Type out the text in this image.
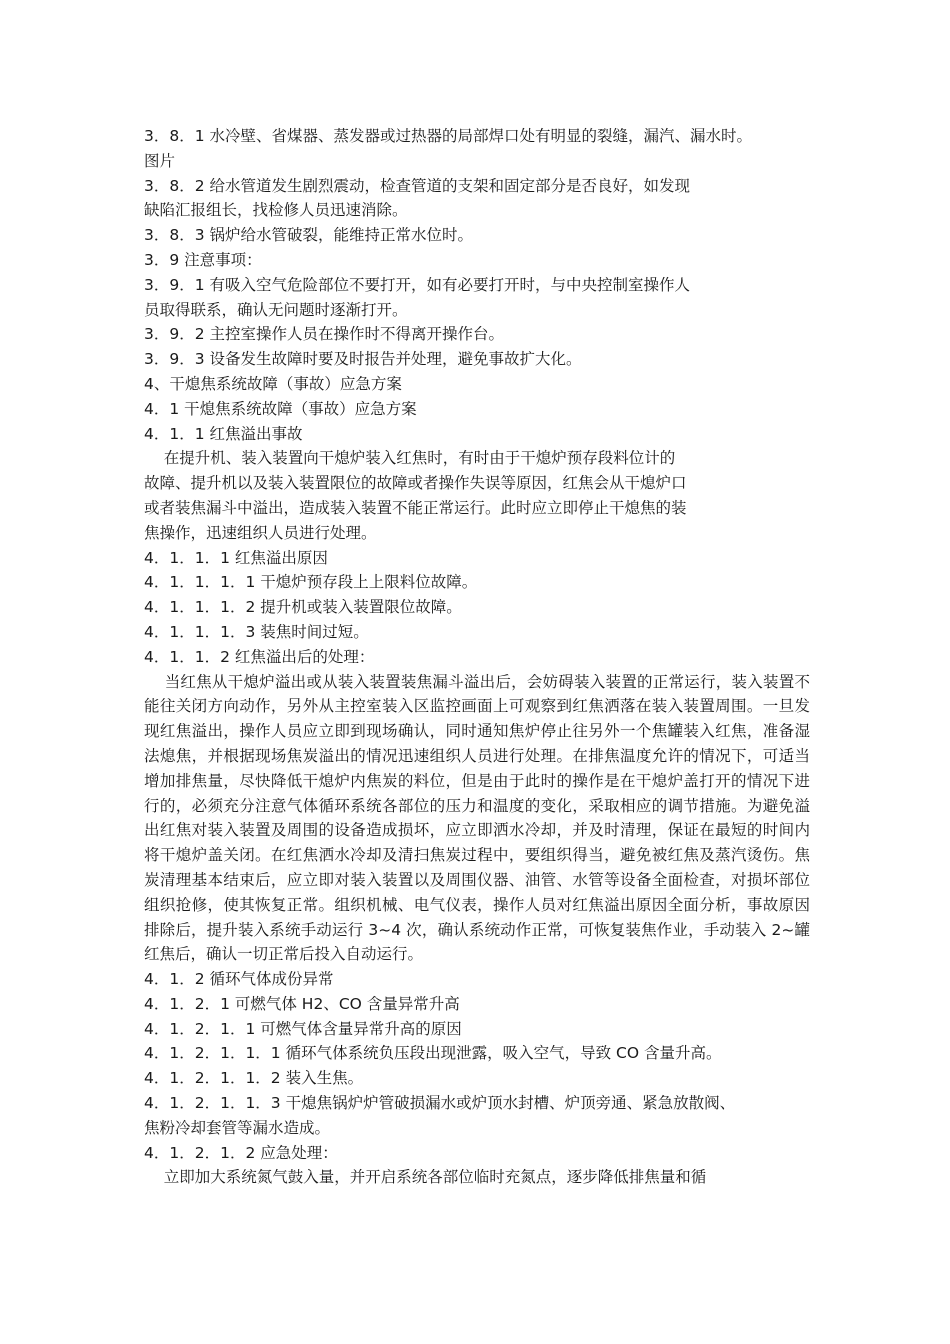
3．8．1 水冷壁、省煤器、蒸发器或过热器的局部焊口处有明显的裂缝，漏汽、漏水时。

图片

3．8．2 给水管道发生剧烈震动，检查管道的支架和固定部分是否良好，如发现

缺陷汇报组长，找检修人员迅速消除。

3．8．3 锅炉给水管破裂，能维持正常水位时。

3．9 注意事项：

3．9．1 有吸入空气危险部位不要打开，如有必要打开时，与中央控制室操作人

员取得联系，确认无问题时逐渐打开。

3．9．2 主控室操作人员在操作时不得离开操作台。

3．9．3 设备发生故障时要及时报告并处理，避免事故扩大化。

4、干熄焦系统故障（事故）应急方案

4．1 干熄焦系统故障（事故）应急方案

4．1．1 红焦溢出事故

在提升机、装入装置向干熄炉装入红焦时，有时由于干熄炉预存段料位计的

故障、提升机以及装入装置限位的故障或者操作失误等原因，红焦会从干熄炉口

或者装焦漏斗中溢出，造成装入装置不能正常运行。此时应立即停止干熄焦的装

焦操作，迅速组织人员进行处理。

4．1．1．1 红焦溢出原因

4．1．1．1．1 干熄炉预存段上上限料位故障。

4．1．1．1．2 提升机或装入装置限位故障。

4．1．1．1．3 装焦时间过短。

4．1．1．2 红焦溢出后的处理：

当红焦从干熄炉溢出或从装入装置装焦漏斗溢出后，会妨碍装入装置的正常运行，装入装置不能往关闭方向动作，另外从主控室装入区监控画面上可观察到红焦洒落在装入装置周围。一旦发现红焦溢出，操作人员应立即到现场确认，同时通知焦炉停止往另外一个焦罐装入红焦，准备湿法熄焦，并根据现场焦炭溢出的情况迅速组织人员进行处理。在排焦温度允许的情况下，可适当增加排焦量，尽快降低干熄炉内焦炭的料位，但是由于此时的操作是在干熄炉盖打开的情况下进行的，必须充分注意气体循环系统各部位的压力和温度的变化，采取相应的调节措施。为避免溢出红焦对装入装置及周围的设备造成损坏，应立即洒水冷却，并及时清理，保证在最短的时间内将干熄炉盖关闭。在红焦洒水冷却及清扫焦炭过程中，要组织得当，避免被红焦及蒸汽烫伤。焦炭清理基本结束后，应立即对装入装置以及周围仪器、油管、水管等设备全面检查，对损坏部位组织抢修，使其恢复正常。组织机械、电气仪表，操作人员对红焦溢出原因全面分析，事故原因排除后，提升装入系统手动运行 3~4 次，确认系统动作正常，可恢复装焦作业，手动装入 2~罐红焦后，确认一切正常后投入自动运行。

4．1．2 循环气体成份异常

4．1．2．1 可燃气体 H2、CO 含量异常升高

4．1．2．1．1 可燃气体含量异常升高的原因

4．1．2．1．1．1 循环气体系统负压段出现泄露，吸入空气，导致 CO 含量升高。

4．1．2．1．1．2 装入生焦。

4．1．2．1．1．3 干熄焦锅炉炉管破损漏水或炉顶水封槽、炉顶旁通、紧急放散阀、

焦粉冷却套管等漏水造成。

4．1．2．1．2 应急处理：

立即加大系统氮气鼓入量，并开启系统各部位临时充氮点，逐步降低排焦量和循
